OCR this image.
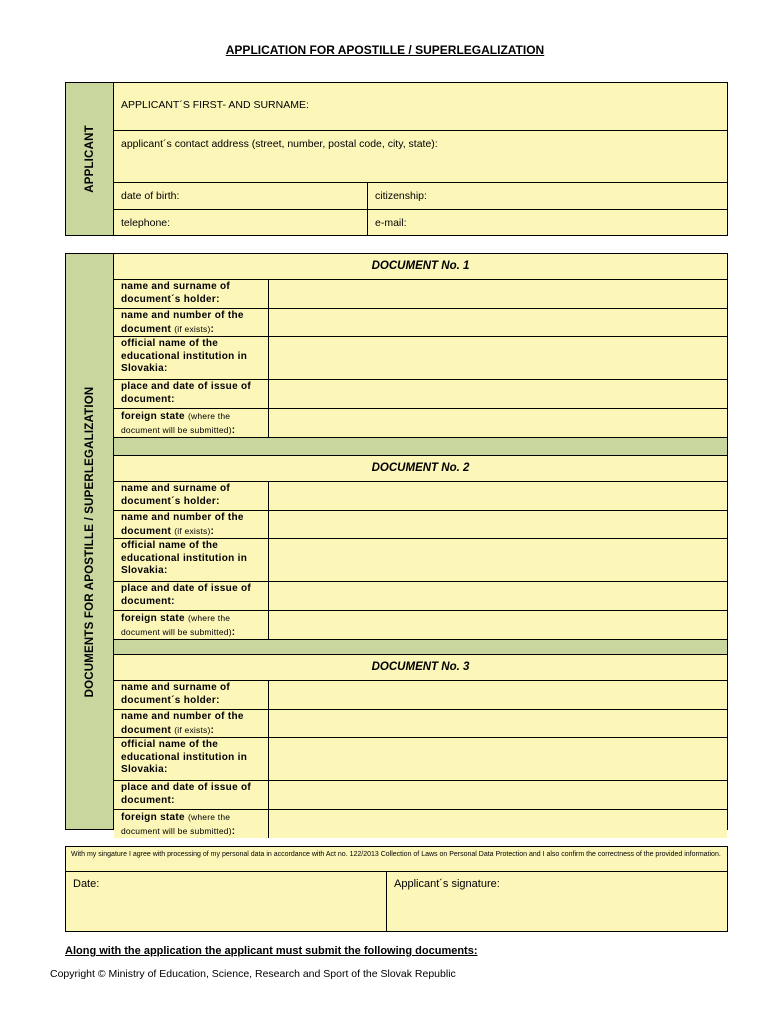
APPLICATION FOR APOSTILLE / SUPERLEGALIZATION
APPLICANT
APPLICANT´S FIRST- AND SURNAME:
applicant´s contact address (street, number, postal code, city, state):
date of birth:	citizenship:
telephone:	e-mail:
DOCUMENTS FOR APOSTILLE / SUPERLEGALIZATION
DOCUMENT No. 1
name and surname of document´s holder:
name and number of the document (if exists):
official name of the educational institution in Slovakia:
place and date of issue of document:
foreign state (where the document will be submitted):
DOCUMENT No. 2
name and surname of document´s holder:
name and number of the document (if exists):
official name of the educational institution in Slovakia:
place and date of issue of document:
foreign state (where the document will be submitted):
DOCUMENT No. 3
name and surname of document´s holder:
name and number of the document (if exists):
official name of the educational institution in Slovakia:
place and date of issue of document:
foreign state (where the document will be submitted):
With my singature I agree with processing of my personal data in accordance with Act no. 122/2013 Collection of Laws on Personal Data Protection and I also confirm the correctness of the provided information.
Date:	Applicant´s signature:
Along with the application the applicant must submit the following documents:
Copyright © Ministry of Education, Science, Research and Sport of the Slovak Republic
